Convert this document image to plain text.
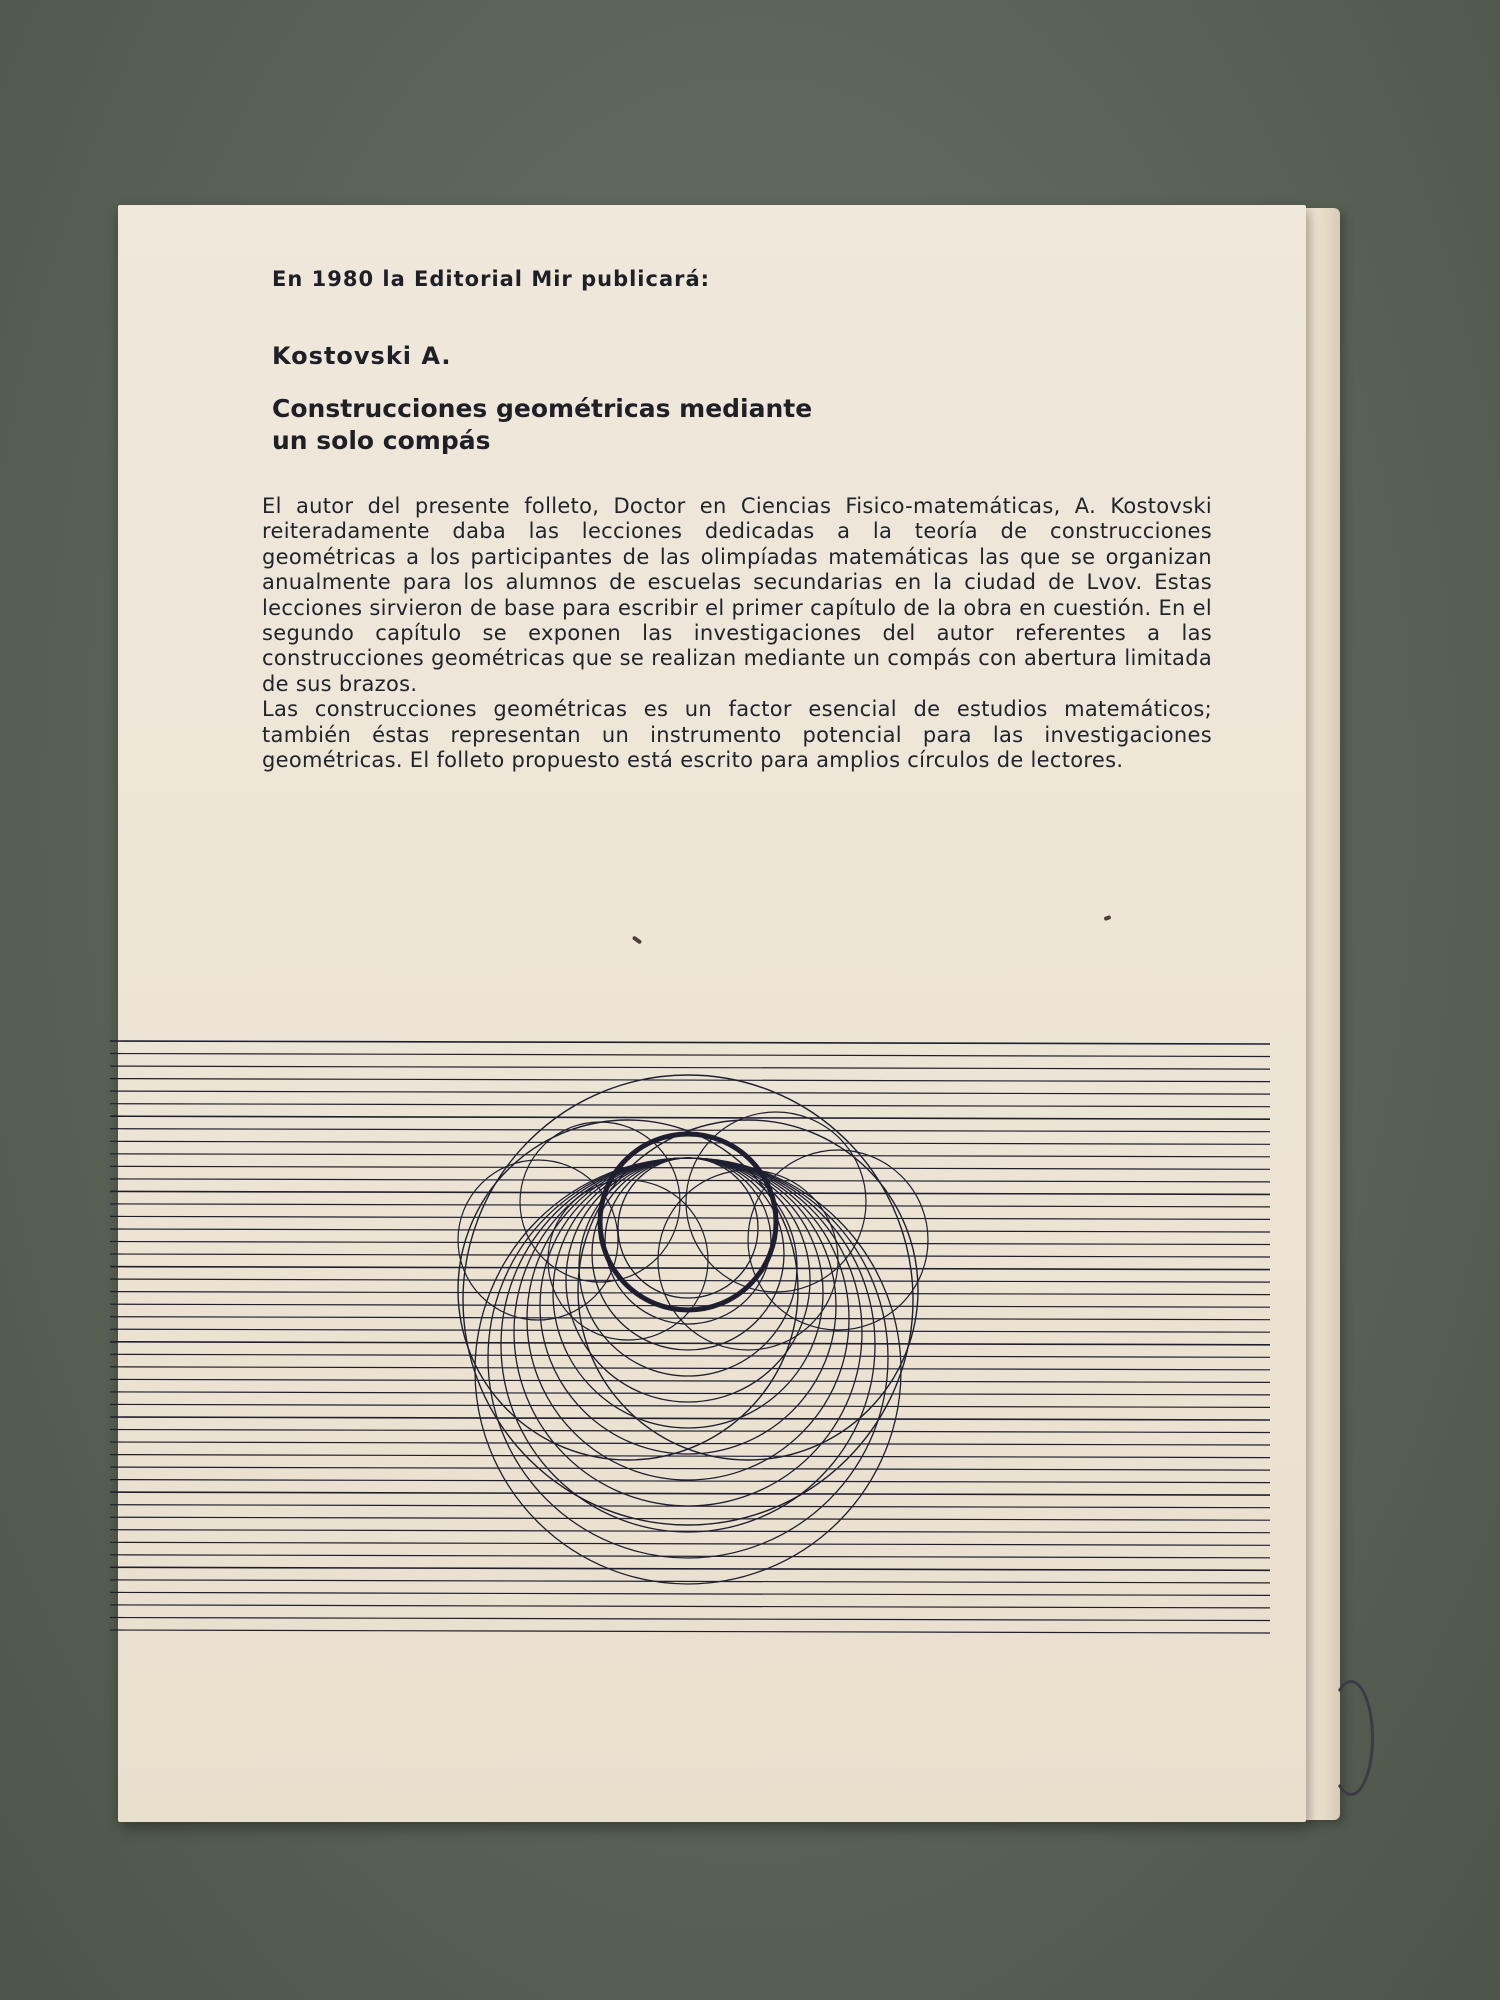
En 1980 la Editorial Mir publicará:

Kostovski A.

Construcciones geométricas mediante
un solo compás

El autor del presente folleto, Doctor en Ciencias Fisico-matemáticas, A. Kostovski reiteradamente daba las lecciones dedicadas a la teoría de construcciones geométricas a los participantes de las olimpíadas matemáticas las que se organizan anualmente para los alumnos de escuelas secundarias en la ciudad de Lvov. Estas lecciones sirvieron de base para escribir el primer capítulo de la obra en cuestión. En el segundo capítulo se exponen las investigaciones del autor referentes a las construcciones geométricas que se realizan mediante un compás con abertura limitada de sus brazos.

Las construcciones geométricas es un factor esencial de estudios matemáticos; también éstas representan un instrumento potencial para las investigaciones geométricas. El folleto propuesto está escrito para amplios círculos de lectores.
